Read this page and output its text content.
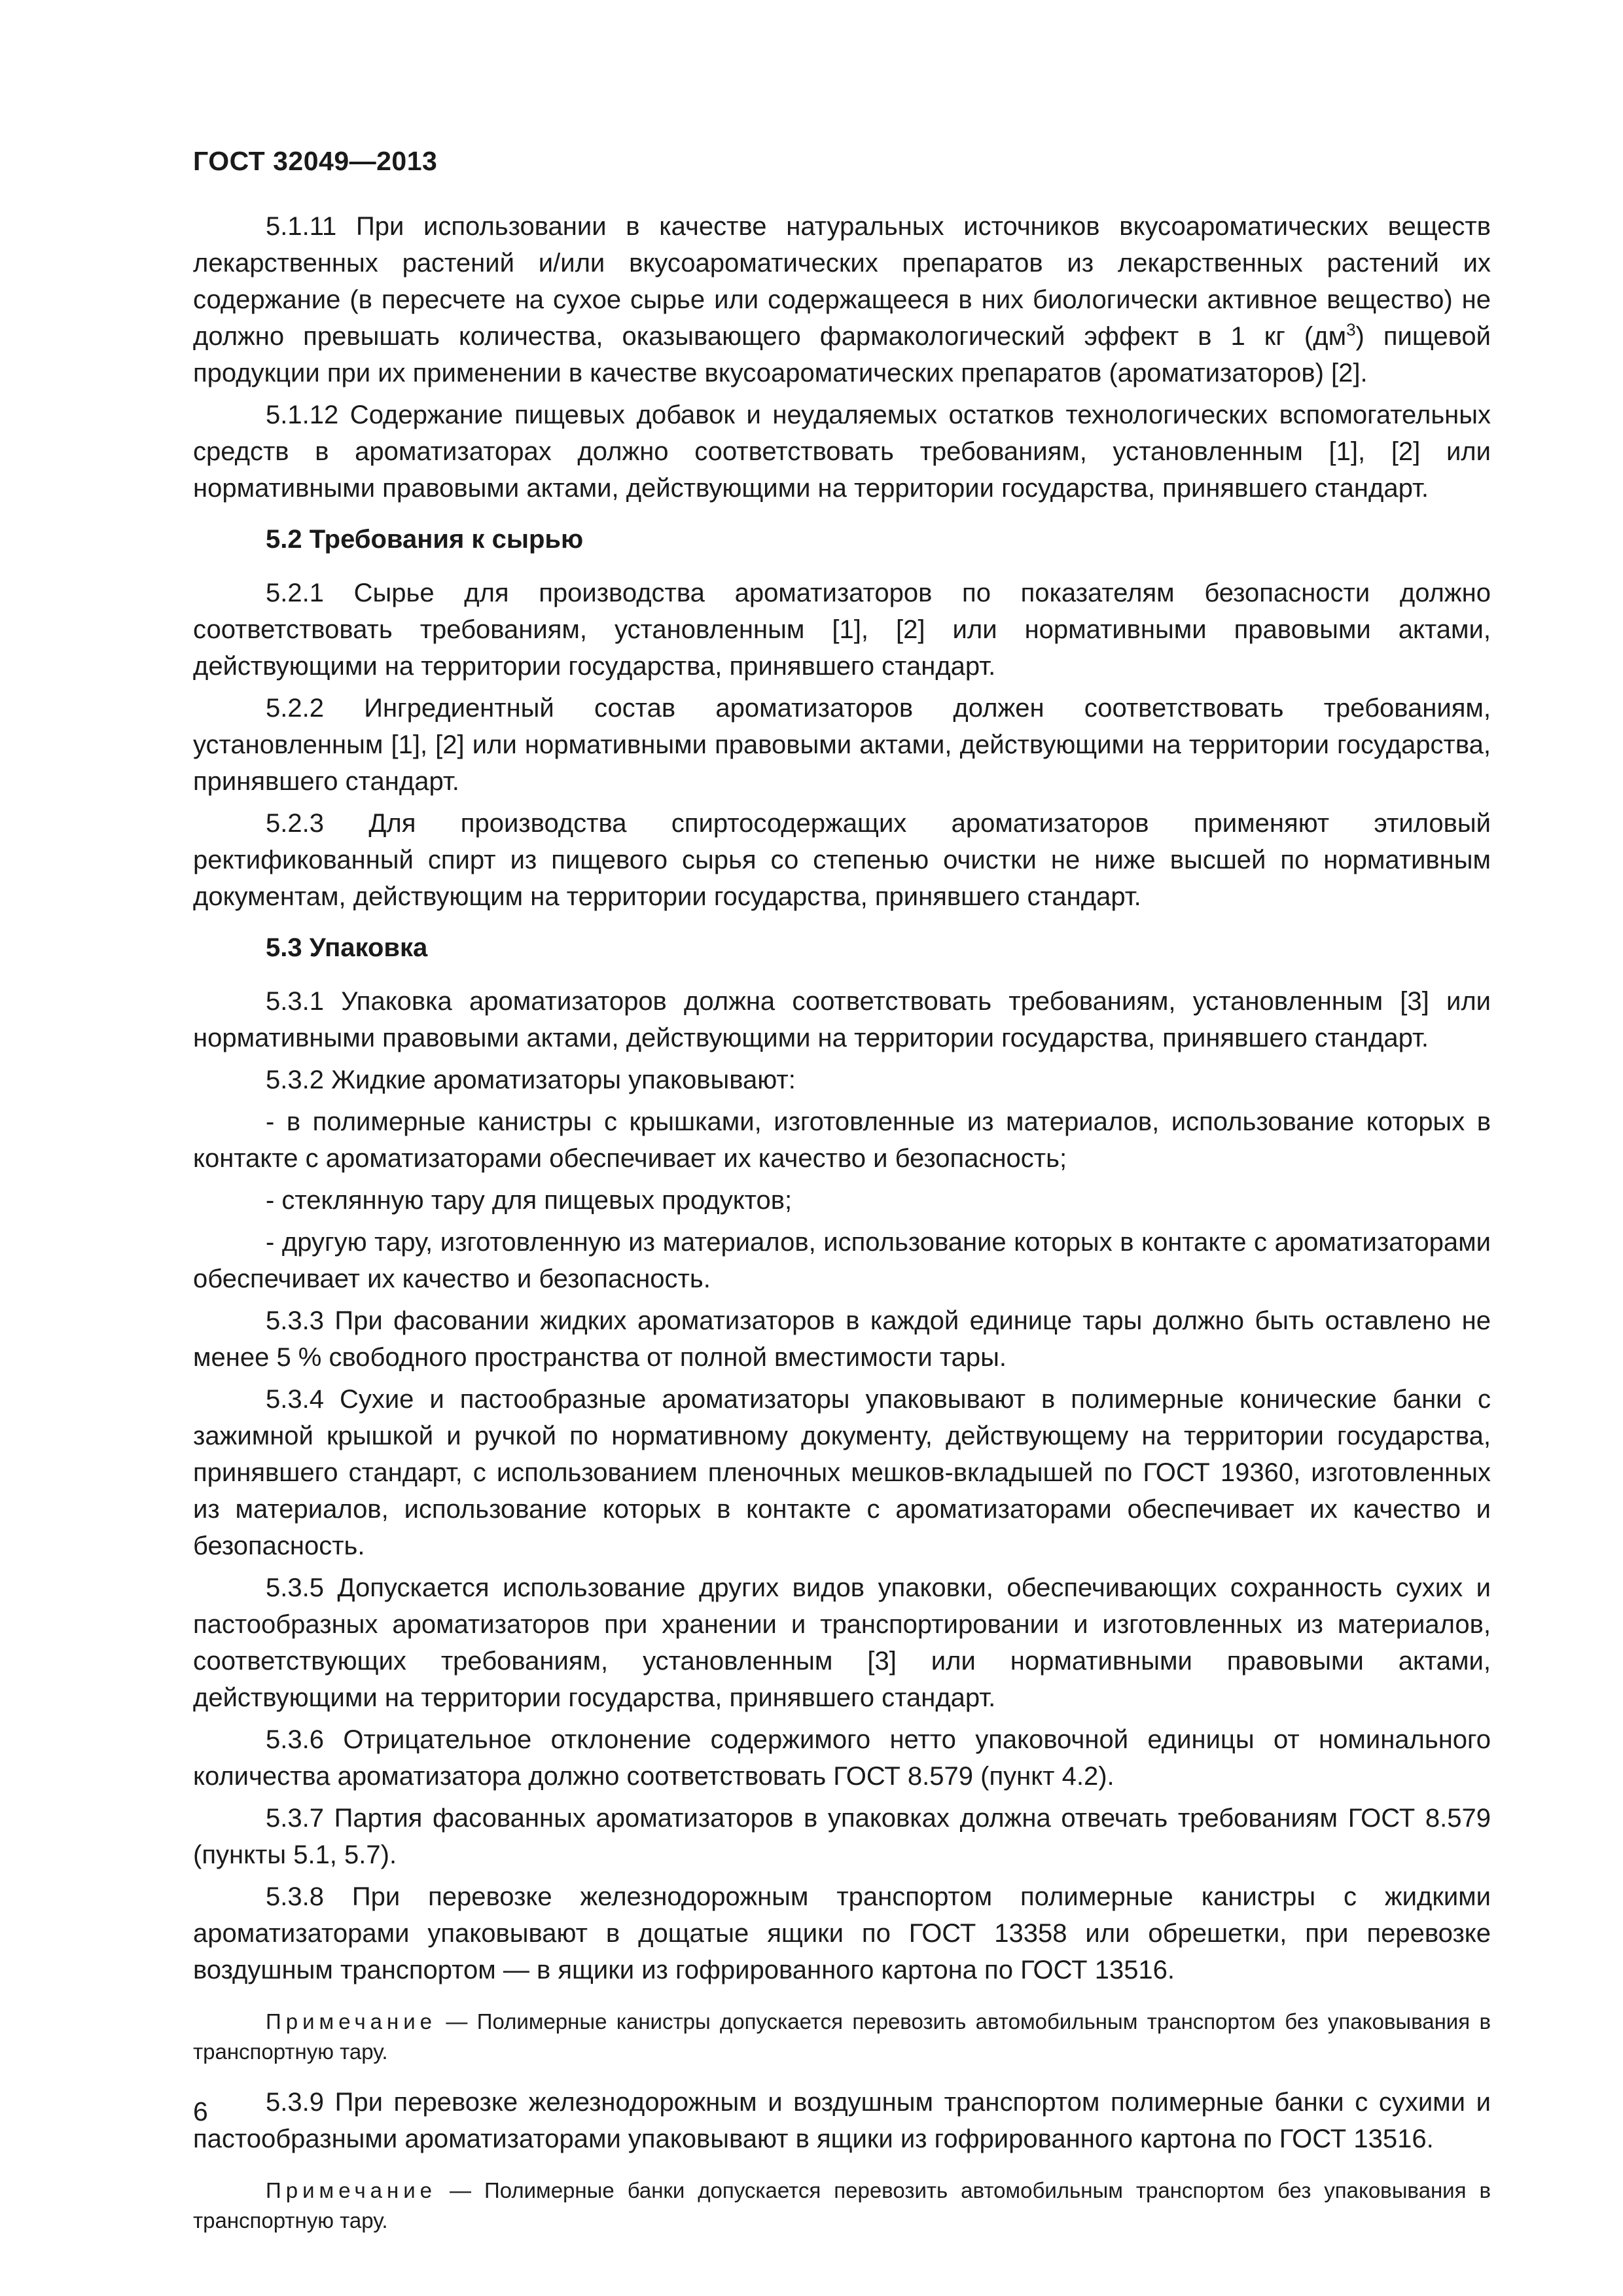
ГОСТ 32049—2013

5.1.11 При использовании в качестве натуральных источников вкусоароматических веществ лекарственных растений и/или вкусоароматических препаратов из лекарственных растений их содержание (в пересчете на сухое сырье или содержащееся в них биологически активное вещество) не должно превышать количества, оказывающего фармакологический эффект в 1 кг $(дм^3)$ пищевой продукции при их применении в качестве вкусоароматических препаратов (ароматизаторов) [2].

5.1.12 Содержание пищевых добавок и неудаляемых остатков технологических вспомогательных средств в ароматизаторах должно соответствовать требованиям, установленным [1], [2] или нормативными правовыми актами, действующими на территории государства, принявшего стандарт.

5.2 Требования к сырью

5.2.1 Сырье для производства ароматизаторов по показателям безопасности должно соответствовать требованиям, установленным [1], [2] или нормативными правовыми актами, действующими на территории государства, принявшего стандарт.

5.2.2 Ингредиентный состав ароматизаторов должен соответствовать требованиям, установленным [1], [2] или нормативными правовыми актами, действующими на территории государства, принявшего стандарт.

5.2.3 Для производства спиртосодержащих ароматизаторов применяют этиловый ректификованный спирт из пищевого сырья со степенью очистки не ниже высшей по нормативным документам, действующим на территории государства, принявшего стандарт.

5.3 Упаковка

5.3.1 Упаковка ароматизаторов должна соответствовать требованиям, установленным [3] или нормативными правовыми актами, действующими на территории государства, принявшего стандарт.

5.3.2 Жидкие ароматизаторы упаковывают:

- в полимерные канистры с крышками, изготовленные из материалов, использование которых в контакте с ароматизаторами обеспечивает их качество и безопасность;

- стеклянную тару для пищевых продуктов;

- другую тару, изготовленную из материалов, использование которых в контакте с ароматизаторами обеспечивает их качество и безопасность.

5.3.3 При фасовании жидких ароматизаторов в каждой единице тары должно быть оставлено не менее 5 % свободного пространства от полной вместимости тары.

5.3.4 Сухие и пастообразные ароматизаторы упаковывают в полимерные конические банки с зажимной крышкой и ручкой по нормативному документу, действующему на территории государства, принявшего стандарт, с использованием пленочных мешков-вкладышей по ГОСТ 19360, изготовленных из материалов, использование которых в контакте с ароматизаторами обеспечивает их качество и безопасность.

5.3.5 Допускается использование других видов упаковки, обеспечивающих сохранность сухих и пастообразных ароматизаторов при хранении и транспортировании и изготовленных из материалов, соответствующих требованиям, установленным [3] или нормативными правовыми актами, действующими на территории государства, принявшего стандарт.

5.3.6 Отрицательное отклонение содержимого нетто упаковочной единицы от номинального количества ароматизатора должно соответствовать ГОСТ 8.579 (пункт 4.2).

5.3.7 Партия фасованных ароматизаторов в упаковках должна отвечать требованиям ГОСТ 8.579 (пункты 5.1, 5.7).

5.3.8 При перевозке железнодорожным транспортом полимерные канистры с жидкими ароматизаторами упаковывают в дощатые ящики по ГОСТ 13358 или обрешетки, при перевозке воздушным транспортом — в ящики из гофрированного картона по ГОСТ 13516.

Примечание — Полимерные канистры допускается перевозить автомобильным транспортом без упаковывания в транспортную тару.

5.3.9 При перевозке железнодорожным и воздушным транспортом полимерные банки с сухими и пастообразными ароматизаторами упаковывают в ящики из гофрированного картона по ГОСТ 13516.

Примечание — Полимерные банки допускается перевозить автомобильным транспортом без упаковывания в транспортную тару.

6
